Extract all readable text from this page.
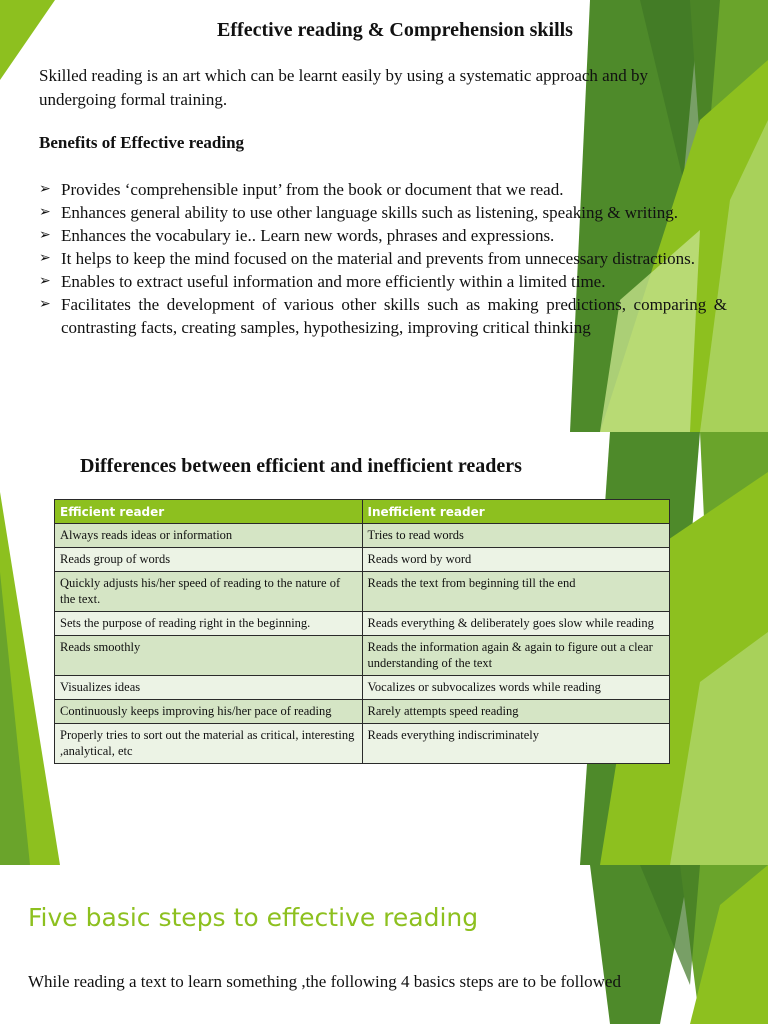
Effective reading & Comprehension skills
Skilled reading is an art which can be learnt easily by using a systematic approach and by undergoing formal training.
Benefits of Effective reading
➢ Provides ‘comprehensible input’ from the book or document that we read.
➢ Enhances general ability to use other language skills such as listening, speaking & writing.
➢ Enhances the vocabulary ie.. Learn new words, phrases and expressions.
➢ It helps to keep the mind focused on the material and prevents from unnecessary distractions.
➢ Enables to extract useful information and more efficiently within a limited time.
➢ Facilitates the development of various other skills such as making predictions, comparing & contrasting facts, creating samples, hypothesizing, improving critical thinking
Differences between efficient and inefficient readers
Efficient reader	Inefficient reader
Always reads ideas or information	Tries to read words
Reads group of words	Reads word by word
Quickly adjusts his/her speed of reading to the nature of the text.	Reads the text from beginning till the end
Sets the purpose of reading right in the beginning.	Reads everything & deliberately goes slow while reading
Reads smoothly	Reads the information again & again to figure out a clear understanding of the text
Visualizes ideas	Vocalizes or subvocalizes words while reading
Continuously keeps improving his/her pace of reading	Rarely attempts speed reading
Properly tries to sort out the material as critical, interesting ,analytical, etc	Reads everything indiscriminately
Five basic steps to effective reading
While reading a text to learn something ,the following 4 basics steps are to be followed
